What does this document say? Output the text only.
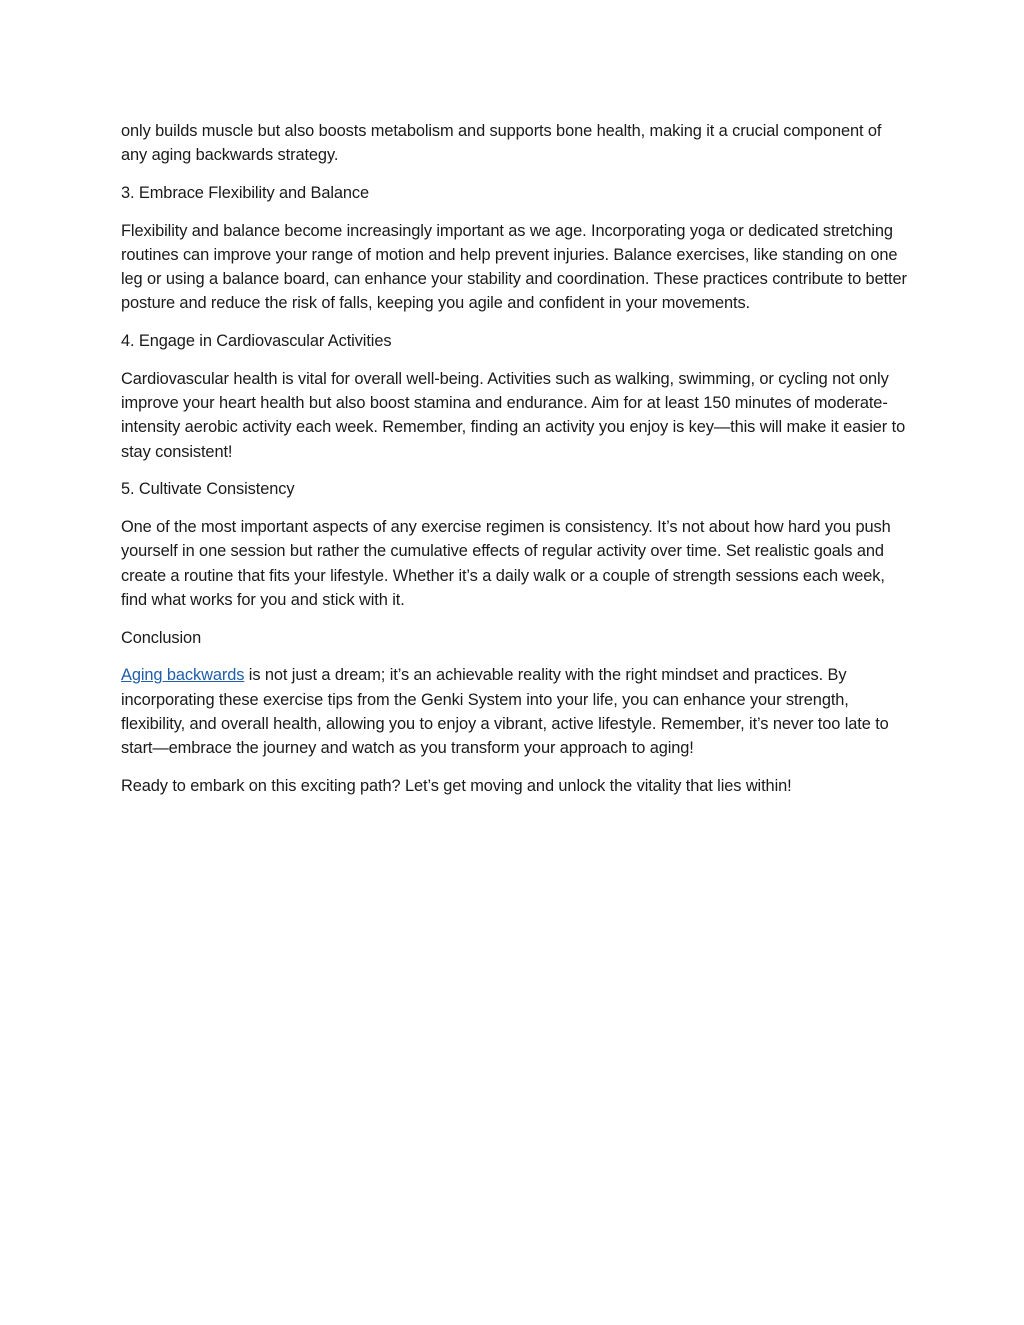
only builds muscle but also boosts metabolism and supports bone health, making it a crucial component of any aging backwards strategy.

3. Embrace Flexibility and Balance

Flexibility and balance become increasingly important as we age. Incorporating yoga or dedicated stretching routines can improve your range of motion and help prevent injuries. Balance exercises, like standing on one leg or using a balance board, can enhance your stability and coordination. These practices contribute to better posture and reduce the risk of falls, keeping you agile and confident in your movements.

4. Engage in Cardiovascular Activities

Cardiovascular health is vital for overall well-being. Activities such as walking, swimming, or cycling not only improve your heart health but also boost stamina and endurance. Aim for at least 150 minutes of moderate-intensity aerobic activity each week. Remember, finding an activity you enjoy is key—this will make it easier to stay consistent!

5. Cultivate Consistency

One of the most important aspects of any exercise regimen is consistency. It’s not about how hard you push yourself in one session but rather the cumulative effects of regular activity over time. Set realistic goals and create a routine that fits your lifestyle. Whether it’s a daily walk or a couple of strength sessions each week, find what works for you and stick with it.

Conclusion

Aging backwards is not just a dream; it’s an achievable reality with the right mindset and practices. By incorporating these exercise tips from the Genki System into your life, you can enhance your strength, flexibility, and overall health, allowing you to enjoy a vibrant, active lifestyle. Remember, it’s never too late to start—embrace the journey and watch as you transform your approach to aging!

Ready to embark on this exciting path? Let’s get moving and unlock the vitality that lies within!
